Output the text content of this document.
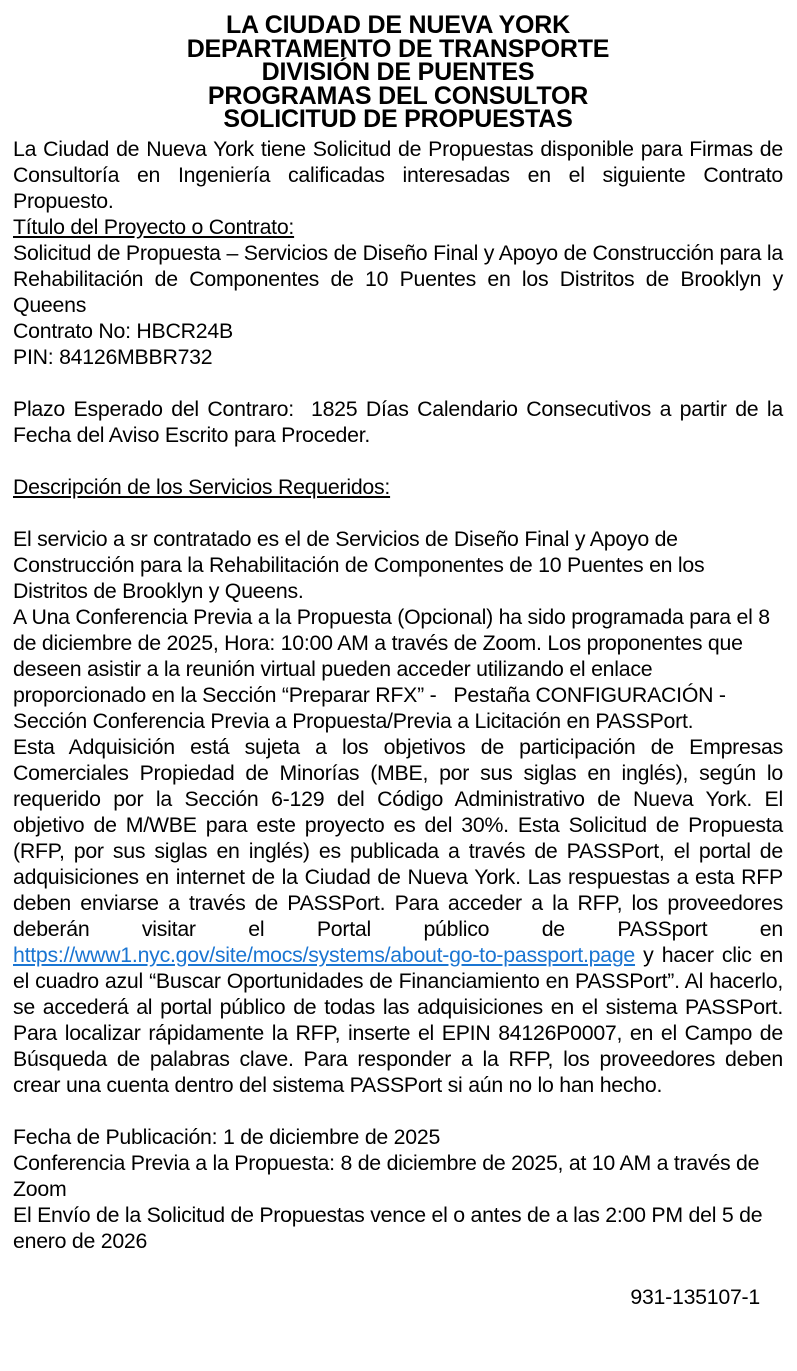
LA CIUDAD DE NUEVA YORK
DEPARTAMENTO DE TRANSPORTE
DIVISIÓN DE PUENTES
PROGRAMAS DEL CONSULTOR
SOLICITUD DE PROPUESTAS

La Ciudad de Nueva York tiene Solicitud de Propuestas disponible para Firmas de Consultoría en Ingeniería calificadas interesadas en el siguiente Contrato Propuesto.

Título del Proyecto o Contrato:

Solicitud de Propuesta – Servicios de Diseño Final y Apoyo de Construcción para la Rehabilitación de Componentes de 10 Puentes en los Distritos de Brooklyn y Queens

Contrato No: HBCR24B

PIN: 84126MBBR732

Plazo Esperado del Contraro:  1825 Días Calendario Consecutivos a partir de la Fecha del Aviso Escrito para Proceder.

Descripción de los Servicios Requeridos:

El servicio a sr contratado es el de Servicios de Diseño Final y Apoyo de Construcción para la Rehabilitación de Componentes de 10 Puentes en los Distritos de Brooklyn y Queens.

A Una Conferencia Previa a la Propuesta (Opcional) ha sido programada para el 8 de diciembre de 2025, Hora: 10:00 AM a través de Zoom. Los proponentes que deseen asistir a la reunión virtual pueden acceder utilizando el enlace proporcionado en la Sección “Preparar RFX” -   Pestaña CONFIGURACIÓN - Sección Conferencia Previa a Propuesta/Previa a Licitación en PASSPort.

Esta Adquisición está sujeta a los objetivos de participación de Empresas Comerciales Propiedad de Minorías (MBE, por sus siglas en inglés), según lo requerido por la Sección 6-129 del Código Administrativo de Nueva York. El objetivo de M/WBE para este proyecto es del 30%. Esta Solicitud de Propuesta (RFP, por sus siglas en inglés) es publicada a través de PASSPort, el portal de adquisiciones en internet de la Ciudad de Nueva York. Las respuestas a esta RFP deben enviarse a través de PASSPort. Para acceder a la RFP, los proveedores deberán visitar el Portal público de PASSport en https://www1.nyc.gov/site/mocs/systems/about-go-to-passport.page y hacer clic en el cuadro azul “Buscar Oportunidades de Financiamiento en PASSPort”. Al hacerlo, se accederá al portal público de todas las adquisiciones en el sistema PASSPort. Para localizar rápidamente la RFP, inserte el EPIN 84126P0007, en el Campo de Búsqueda de palabras clave. Para responder a la RFP, los proveedores deben crear una cuenta dentro del sistema PASSPort si aún no lo han hecho.

Fecha de Publicación: 1 de diciembre de 2025

Conferencia Previa a la Propuesta: 8 de diciembre de 2025, at 10 AM a través de Zoom

El Envío de la Solicitud de Propuestas vence el o antes de a las 2:00 PM del 5 de enero de 2026

931-135107-1
